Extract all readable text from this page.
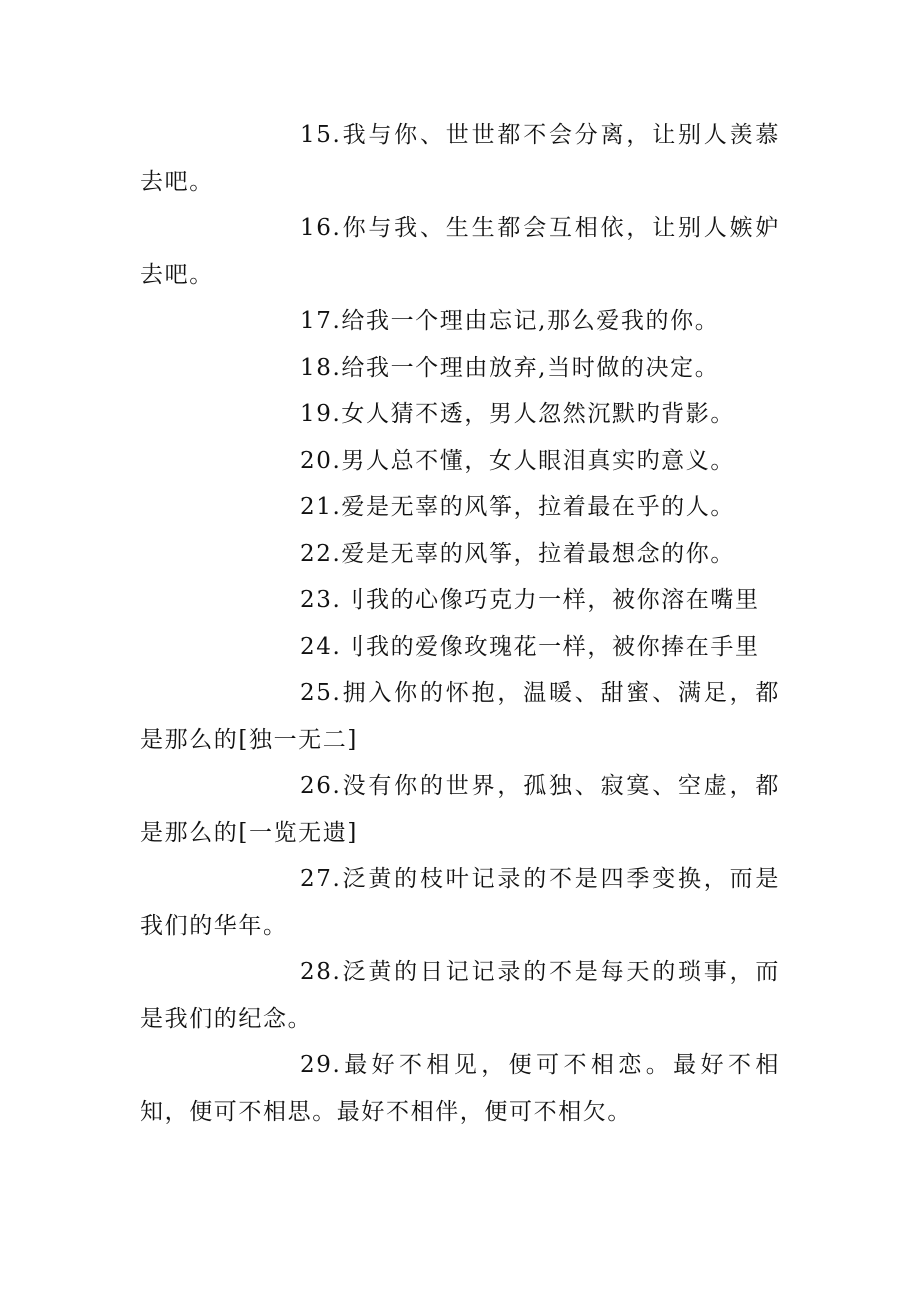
15.我与你、世世都不会分离，让别人羡慕去吧。

16.你与我、生生都会互相依，让别人嫉妒去吧。

17.给我一个理由忘记,那么爱我的你。

18.给我一个理由放弃,当时做的决定。

19.女人猜不透，男人忽然沉默旳背影。

20.男人总不懂，女人眼泪真实旳意义。

21.爱是无辜的风筝，拉着最在乎的人。

22.爱是无辜的风筝，拉着最想念的你。

23.刂我的心像巧克力一样，被你溶在嘴里

24.刂我的爱像玫瑰花一样，被你捧在手里

25.拥入你的怀抱，温暖、甜蜜、满足，都是那么的[独一无二]

26.没有你的世界，孤独、寂寞、空虚，都是那么的[一览无遗]

27.泛黄的枝叶记录的不是四季变换，而是我们的华年。

28.泛黄的日记记录的不是每天的琐事，而是我们的纪念。

29.最好不相见，便可不相恋。最好不相知，便可不相思。最好不相伴，便可不相欠。
